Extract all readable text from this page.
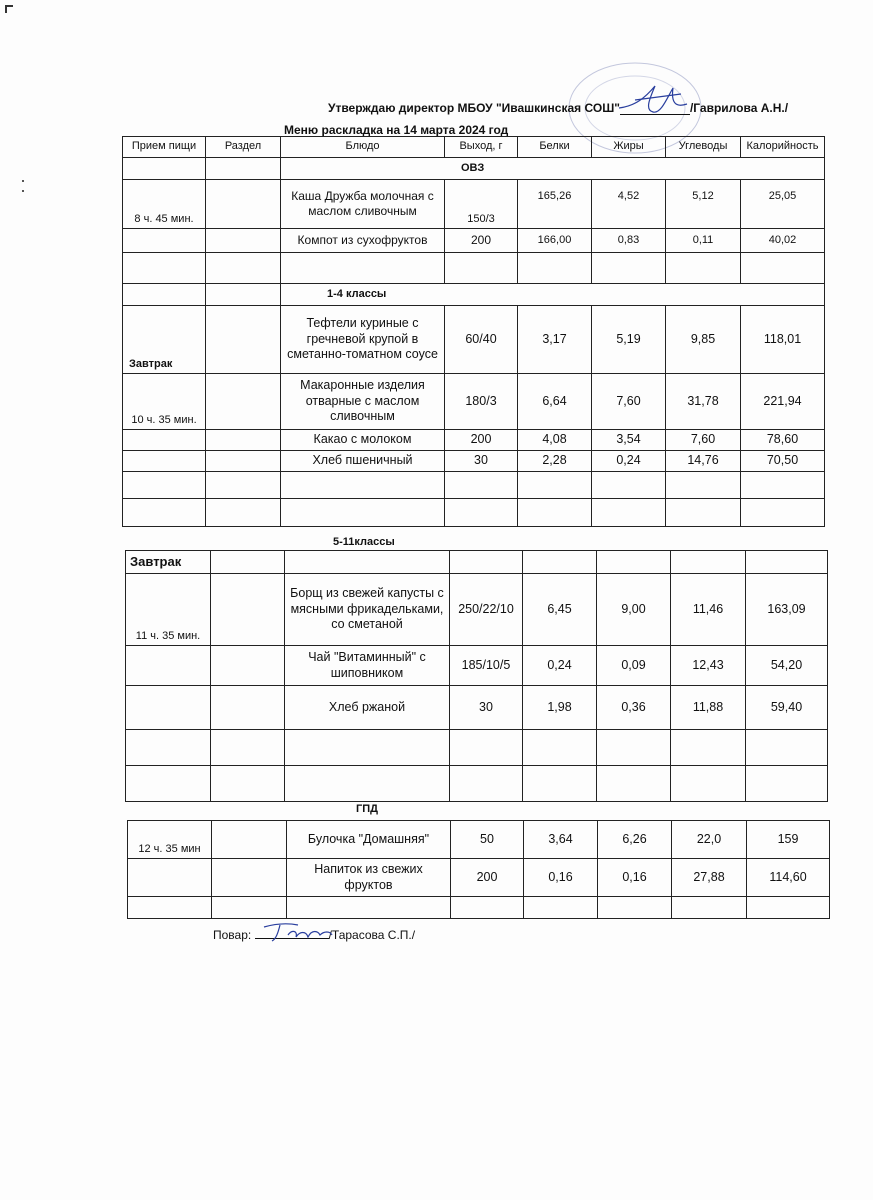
Утверждаю директор МБОУ "Ивашкинская СОШ"	/Гаврилова А.Н./
Меню раскладка на 14 марта 2024 год
Прием пищи	Раздел	Блюдо	Выход, г	Белки	Жиры	Углеводы	Калорийность
		ОВЗ					
8 ч. 45 мин.		Каша Дружба молочная с маслом сливочным	150/3	165,26	4,52	5,12	25,05
		Компот из сухофруктов	200	166,00	0,83	0,11	40,02

		1-4 классы					
Завтрак		Тефтели куриные с гречневой крупой в сметанно-томатном соусе	60/40	3,17	5,19	9,85	118,01
10 ч. 35 мин.		Макаронные изделия отварные с маслом сливочным	180/3	6,64	7,60	31,78	221,94
		Какао с молоком	200	4,08	3,54	7,60	78,60
		Хлеб пшеничный	30	2,28	0,24	14,76	70,50

5-11классы
Завтрак							
11 ч. 35 мин.		Борщ из свежей капусты с мясными фрикадельками, со сметаной	250/22/10	6,45	9,00	11,46	163,09
		Чай "Витаминный" с шиповником	185/10/5	0,24	0,09	12,43	54,20
		Хлеб ржаной	30	1,98	0,36	11,88	59,40

ГПД
12 ч. 35 мин		Булочка "Домашняя"	50	3,64	6,26	22,0	159
		Напиток из свежих фруктов	200	0,16	0,16	27,88	114,60

Повар:	/Тарасова С.П./
